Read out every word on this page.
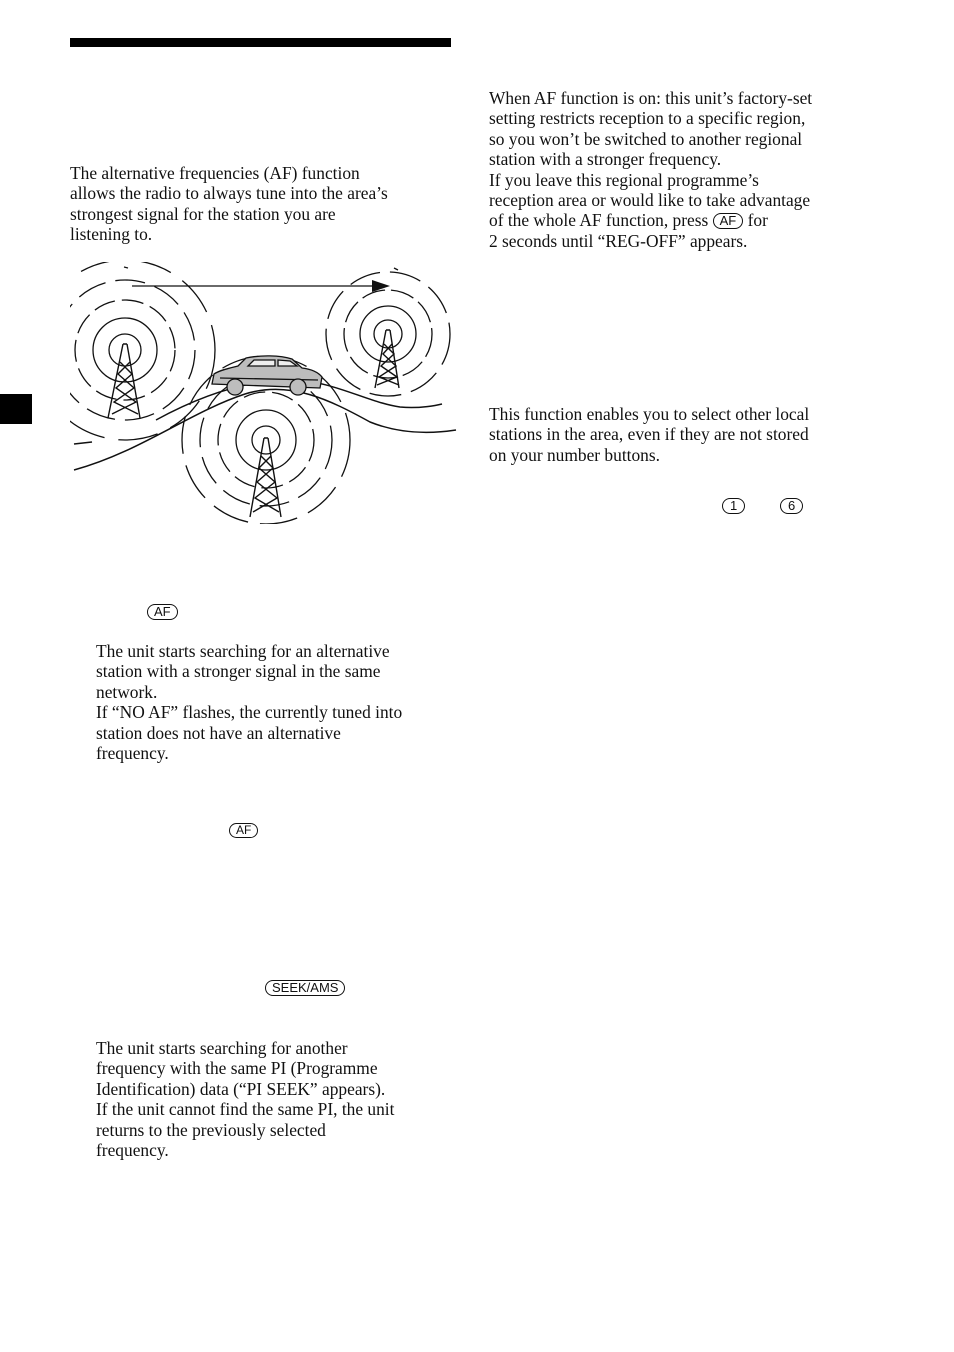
The alternative frequencies (AF) function
allows the radio to always tune into the area’s
strongest signal for the station you are
listening to.

AF

The unit starts searching for an alternative
station with a stronger signal in the same
network.
If “NO AF” flashes, the currently tuned into
station does not have an alternative
frequency.

AF
SEEK/AMS

The unit starts searching for another
frequency with the same PI (Programme
Identification) data (“PI SEEK” appears).
If the unit cannot find the same PI, the unit
returns to the previously selected
frequency.

When AF function is on: this unit’s factory-set
setting restricts reception to a specific region,
so you won’t be switched to another regional
station with a stronger frequency.
If you leave this regional programme’s
reception area or would like to take advantage
of the whole AF function, press AF for
2 seconds until “REG-OFF” appears.

This function enables you to select other local
stations in the area, even if they are not stored
on your number buttons.

1	6
